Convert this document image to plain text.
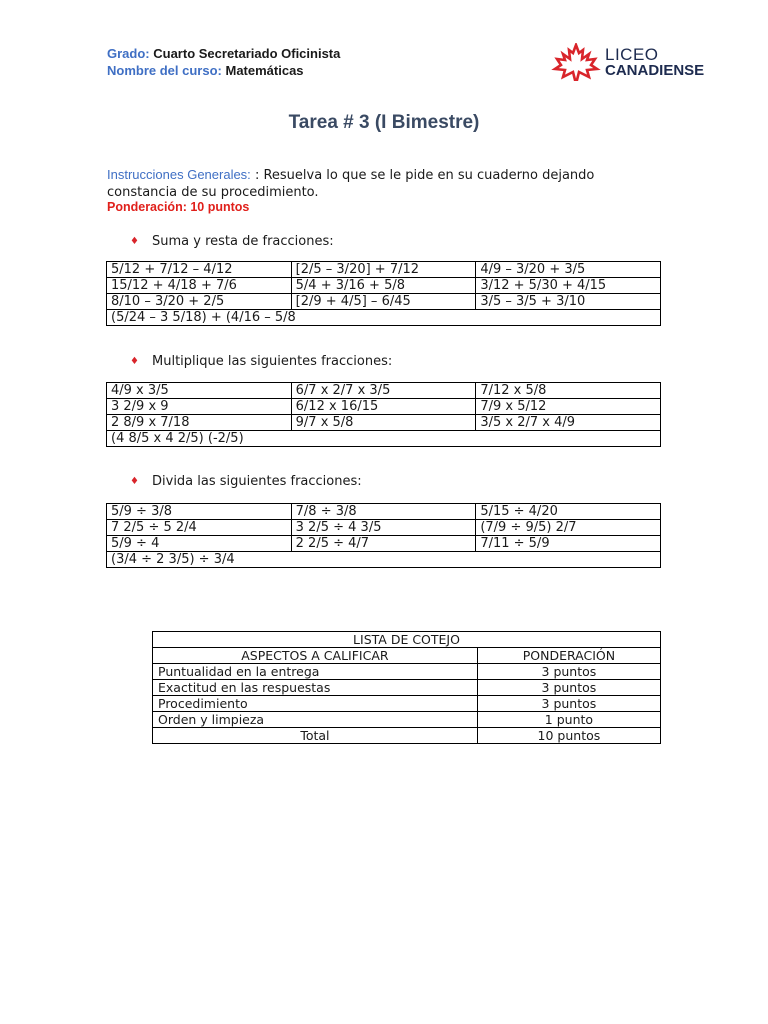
Grado: Cuarto Secretariado Oficinista
Nombre del curso: Matemáticas
LICEO
CANADIENSE
Tarea # 3 (I Bimestre)
Instrucciones Generales: : Resuelva lo que se le pide en su cuaderno dejando constancia de su procedimiento.
Ponderación: 10 puntos
♦	Suma y resta de fracciones:
5/12 + 7/12 – 4/12	[2/5 – 3/20] + 7/12	4/9 – 3/20 + 3/5
15/12 + 4/18 + 7/6	5/4 + 3/16 + 5/8	3/12 + 5/30 + 4/15
8/10 – 3/20 + 2/5	[2/9 + 4/5] – 6/45	3/5 – 3/5 + 3/10
(5/24 – 3 5/18) + (4/16 – 5/8		
♦	Multiplique las siguientes fracciones:
4/9 x 3/5	6/7 x 2/7 x 3/5	7/12 x 5/8
3 2/9 x 9	6/12 x 16/15	7/9 x 5/12
2 8/9 x 7/18	9/7 x 5/8	3/5 x 2/7 x 4/9
(4 8/5 x 4 2/5) (-2/5)		
♦	Divida las siguientes fracciones:
5/9 ÷ 3/8	7/8 ÷ 3/8	5/15 ÷ 4/20
7 2/5 ÷ 5 2/4	3 2/5 ÷ 4 3/5	(7/9 ÷ 9/5) 2/7
5/9 ÷ 4	2 2/5 ÷ 4/7	7/11 ÷ 5/9
(3/4 ÷ 2 3/5) ÷ 3/4		
LISTA DE COTEJO	
ASPECTOS A CALIFICAR	PONDERACIÓN
Puntualidad en la entrega	3 puntos
Exactitud en las respuestas	3 puntos
Procedimiento	3 puntos
Orden y limpieza	1 punto
Total	10 puntos
